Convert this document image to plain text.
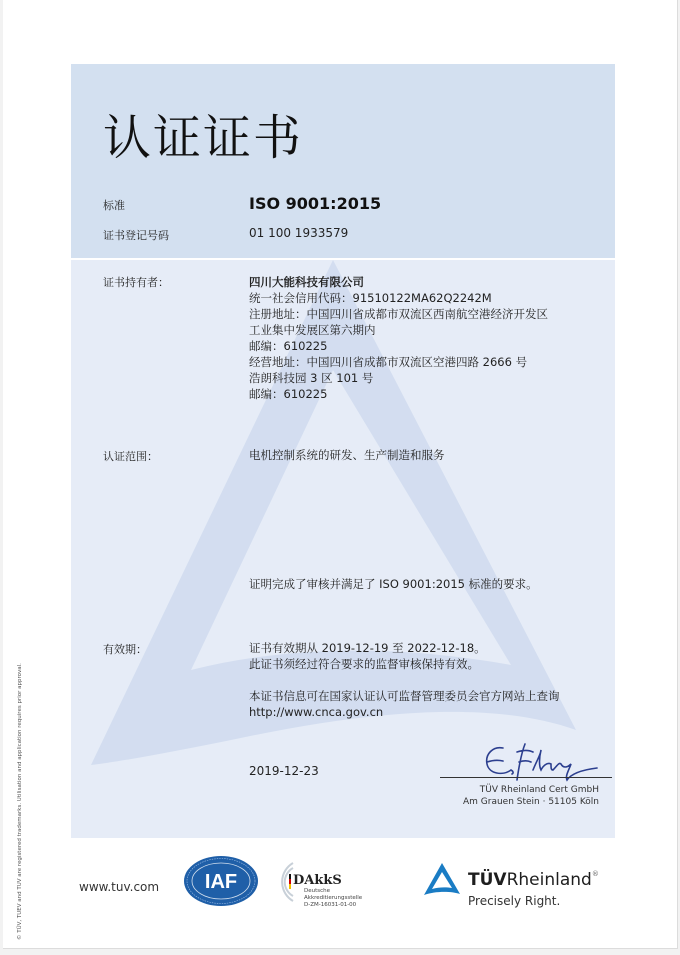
认证证书
标准	ISO 9001:2015
证书登记号码	01 100 1933579
证书持有者：	四川大能科技有限公司
统一社会信用代码：91510122MA62Q2242M
注册地址：中国四川省成都市双流区西南航空港经济开发区
工业集中发展区第六期内
邮编：610225
经营地址：中国四川省成都市双流区空港四路 2666 号
浩朗科技园 3 区 101 号
邮编：610225
认证范围：	电机控制系统的研发、生产制造和服务
证明完成了审核并满足了 ISO 9001:2015 标准的要求。
有效期：	证书有效期从 2019-12-19 至 2022-12-18。
此证书须经过符合要求的监督审核保持有效。
本证书信息可在国家认证认可监督管理委员会官方网站上查询
http://www.cnca.gov.cn
2019-12-23
TÜV Rheinland Cert GmbH
Am Grauen Stein · 51105 Köln
© TÜV, TUEV and TUV are registered trademarks. Utilisation and application requires prior approval.	www.tuv.com IAF	DAkkS
Deutsche
Akkreditierungsstelle
D-ZM-16031-01-00
TÜVRheinland®
Precisely Right.
